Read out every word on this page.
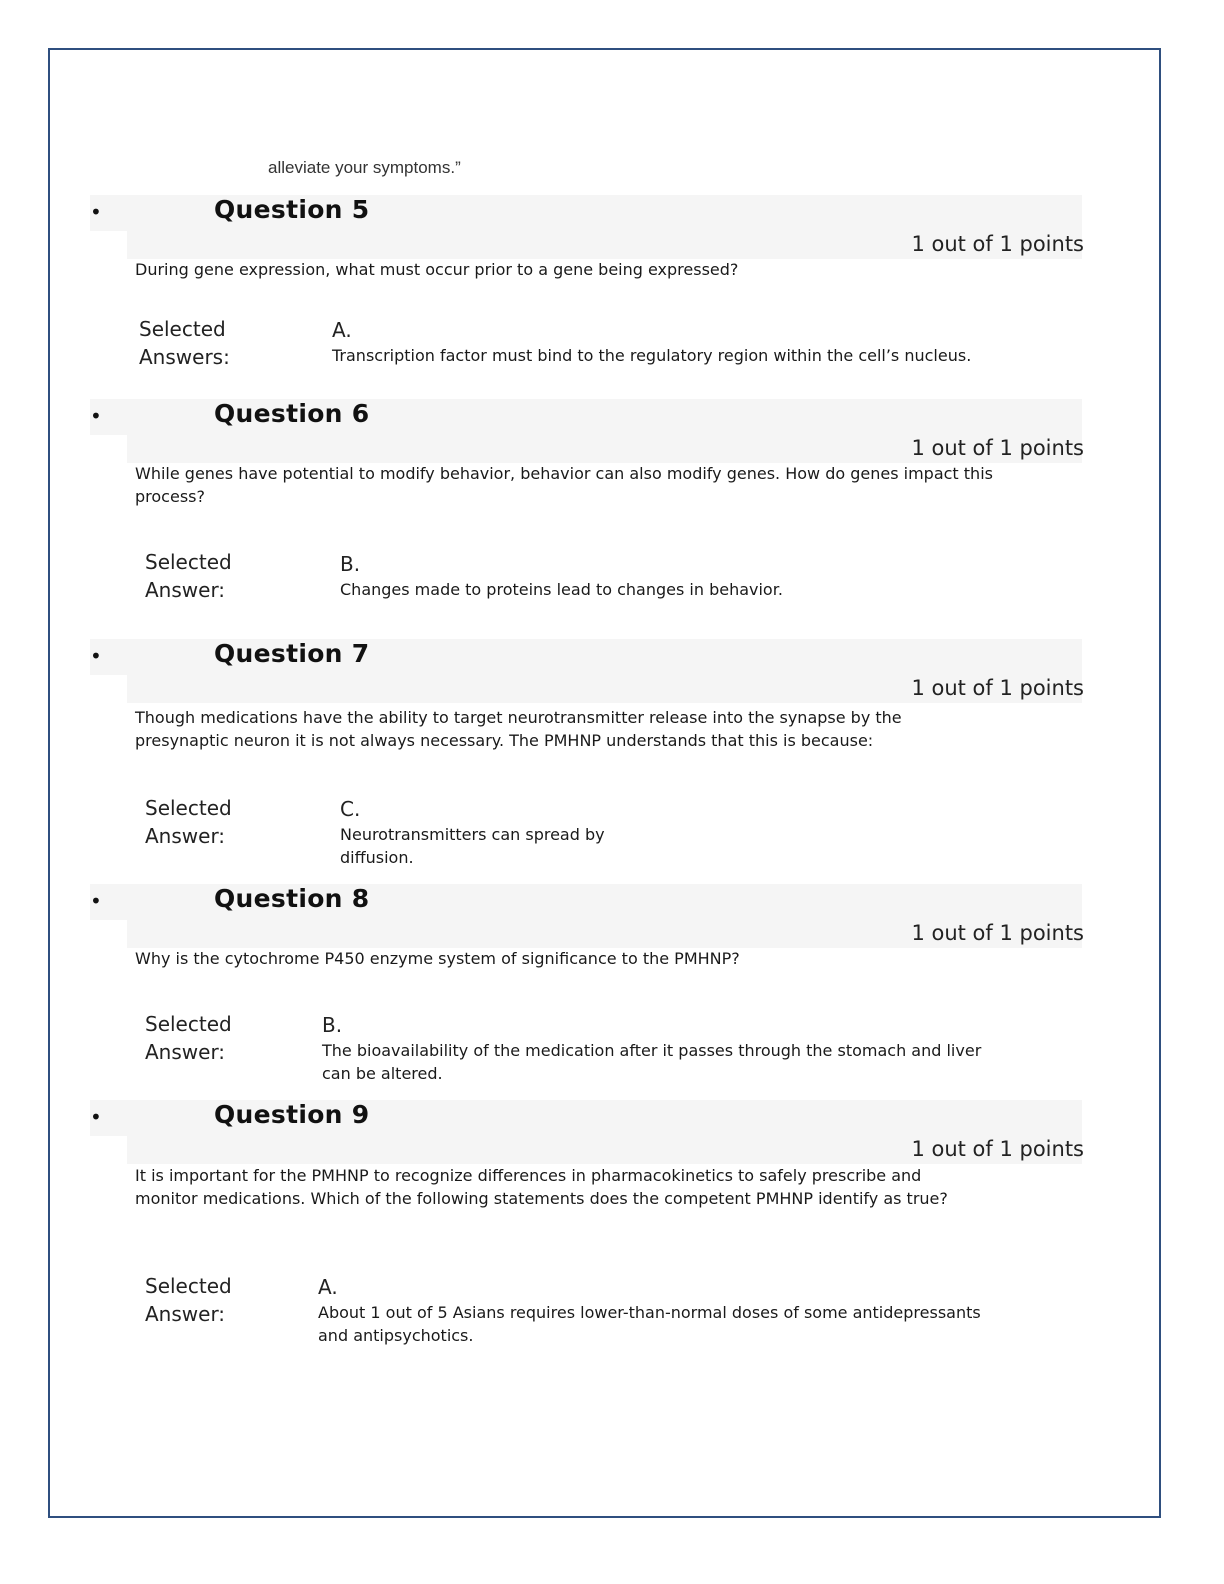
alleviate your symptoms.”
•	Question 5
1 out of 1 points
During gene expression, what must occur prior to a gene being expressed?
Selected
Answers:
A.
Transcription factor must bind to the regulatory region within the cell’s nucleus.
•	Question 6
1 out of 1 points
While genes have potential to modify behavior, behavior can also modify genes. How do genes impact this process?
Selected
Answer:
B.
Changes made to proteins lead to changes in behavior.
•	Question 7
1 out of 1 points
Though medications have the ability to target neurotransmitter release into the synapse by the presynaptic neuron it is not always necessary. The PMHNP understands that this is because:
Selected
Answer:
C.
Neurotransmitters can spread by diffusion.
•	Question 8
1 out of 1 points
Why is the cytochrome P450 enzyme system of significance to the PMHNP?
Selected
Answer:
B.
The bioavailability of the medication after it passes through the stomach and liver can be altered.
•	Question 9
1 out of 1 points
It is important for the PMHNP to recognize differences in pharmacokinetics to safely prescribe and monitor medications. Which of the following statements does the competent PMHNP identify as true?
Selected
Answer:
A.
About 1 out of 5 Asians requires lower-than-normal doses of some antidepressants and antipsychotics.
